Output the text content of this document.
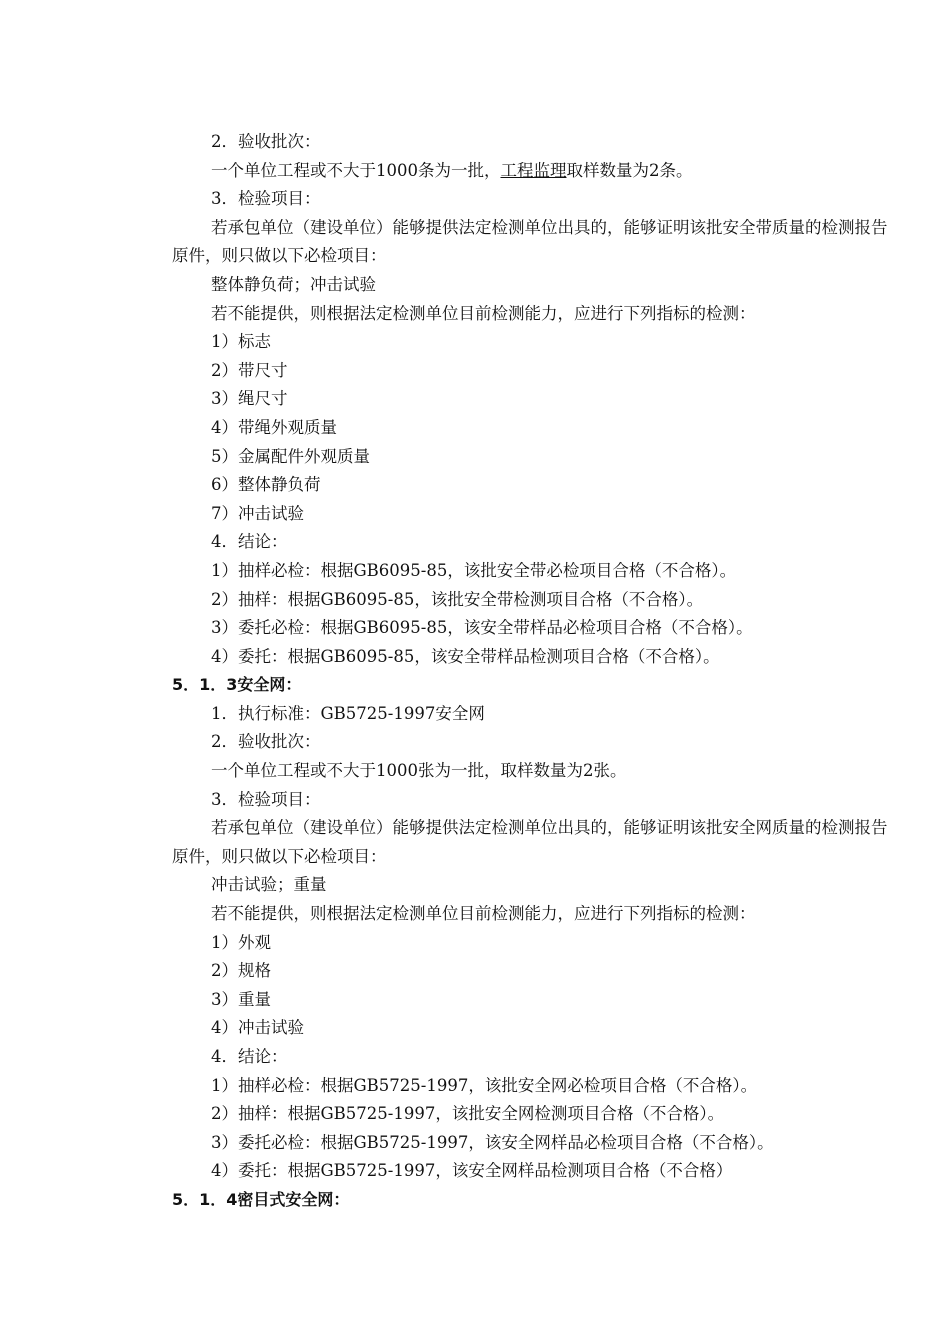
2．验收批次：
一个单位工程或不大于1000条为一批，工程监理取样数量为2条。
3．检验项目：
若承包单位（建设单位）能够提供法定检测单位出具的，能够证明该批安全带质量的检测报告原件，则只做以下必检项目：
整体静负荷；冲击试验
若不能提供，则根据法定检测单位目前检测能力，应进行下列指标的检测：
1）标志
2）带尺寸
3）绳尺寸
4）带绳外观质量
5）金属配件外观质量
6）整体静负荷
7）冲击试验
4．结论：
1）抽样必检：根据GB6095-85，该批安全带必检项目合格（不合格）。
2）抽样：根据GB6095-85，该批安全带检测项目合格（不合格）。
3）委托必检：根据GB6095-85，该安全带样品必检项目合格（不合格）。
4）委托：根据GB6095-85，该安全带样品检测项目合格（不合格）。
5．1．3安全网：
1．执行标准：GB5725-1997安全网
2．验收批次：
一个单位工程或不大于1000张为一批，取样数量为2张。
3．检验项目：
若承包单位（建设单位）能够提供法定检测单位出具的，能够证明该批安全网质量的检测报告原件，则只做以下必检项目：
冲击试验；重量
若不能提供，则根据法定检测单位目前检测能力，应进行下列指标的检测：
1）外观
2）规格
3）重量
4）冲击试验
4．结论：
1）抽样必检：根据GB5725-1997，该批安全网必检项目合格（不合格）。
2）抽样：根据GB5725-1997，该批安全网检测项目合格（不合格）。
3）委托必检：根据GB5725-1997，该安全网样品必检项目合格（不合格）。
4）委托：根据GB5725-1997，该安全网样品检测项目合格（不合格）
5．1．4密目式安全网：
